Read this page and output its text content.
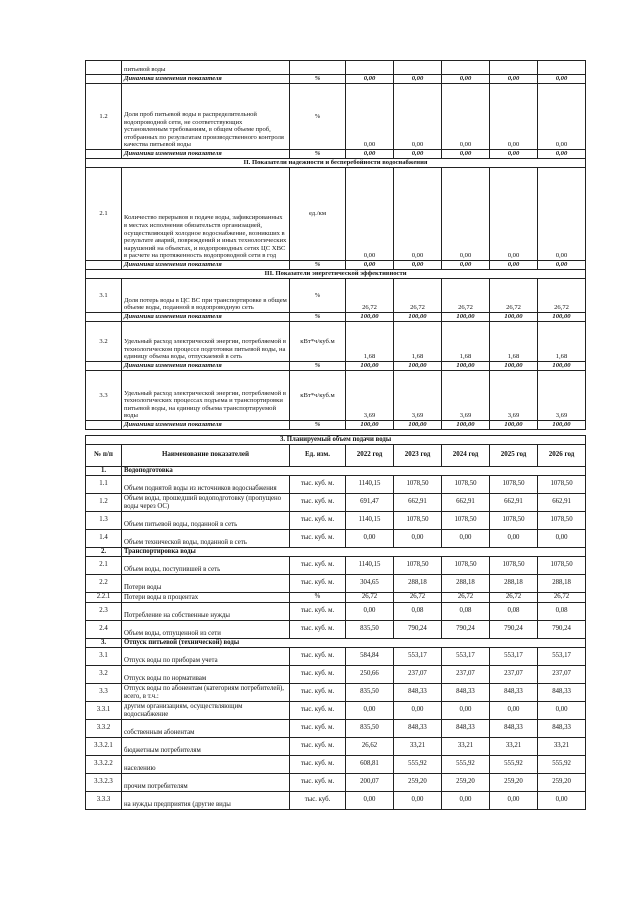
	питьевой воды						
	Динамика изменения показателя	%	0,00	0,00	0,00	0,00	0,00
1.2	Доля проб питьевой воды в распределительной водопроводной сети, не соответствующих установленным требованиям, в общем объеме проб, отобранных по результатам производственного контроля качества питьевой воды	%	0,00	0,00	0,00	0,00	0,00
	Динамика изменения показателя	%	0,00	0,00	0,00	0,00	0,00
II. Показатели надежности и бесперебойности водоснабжения							
2.1	Количество перерывов в подаче воды, зафиксированных в местах исполнения обязательств организацией, осуществляющей холодное водоснабжение, возникших в результате аварий, повреждений и иных технологических нарушений на объектах, и водопроводных сетях ЦС ХВС в расчете на протяженность водопроводной сети в год	ед./км	0,00	0,00	0,00	0,00	0,00
	Динамика изменения показателя	%	0,00	0,00	0,00	0,00	0,00
III. Показатели энергетической эффективности							
3.1	Доля потерь воды в ЦС ВС при транспортировке в общем объеме воды, поданной в водопроводную сеть	%	26,72	26,72	26,72	26,72	26,72
	Динамика изменения показателя	%	100,00	100,00	100,00	100,00	100,00
3.2	Удельный расход электрической энергии, потребляемой в технологическом процессе подготовки питьевой воды, на единицу объема воды, отпускаемой в сеть	кВт*ч/куб.м	1,68	1,68	1,68	1,68	1,68
	Динамика изменения показателя	%	100,00	100,00	100,00	100,00	100,00
3.3	Удельный расход электрической энергии, потребляемой в технологических процессах подъема и транспортировки питьевой воды, на единицу объема транспортируемой воды	кВт*ч/куб.м	3,69	3,69	3,69	3,69	3,69
	Динамика изменения показателя	%	100,00	100,00	100,00	100,00	100,00
3. Планируемый объем подачи воды							
№ п/п	Наименование показателей	Ед. изм.	2022 год	2023 год	2024 год	2025 год	2026 год
1.	Водоподготовка						
1.1	Объем поднятой воды из источников водоснабжения	тыс. куб. м.	1140,15	1078,50	1078,50	1078,50	1078,50
1.2	Объем воды, прошедший водоподготовку (пропущено воды через ОС)	тыс. куб. м.	691,47	662,91	662,91	662,91	662,91
1.3	Объем питьевой воды, поданной в сеть	тыс. куб. м.	1140,15	1078,50	1078,50	1078,50	1078,50
1.4	Объем технической воды, поданной в сеть	тыс. куб. м.	0,00	0,00	0,00	0,00	0,00
2.	Транспортировка воды						
2.1	Объем воды, поступившей в сеть	тыс. куб. м.	1140,15	1078,50	1078,50	1078,50	1078,50
2.2	Потери воды	тыс. куб. м.	304,65	288,18	288,18	288,18	288,18
2.2.1	Потери воды в процентах	%	26,72	26,72	26,72	26,72	26,72
2.3	Потребление на собственные нужды	тыс. куб. м.	0,00	0,08	0,08	0,08	0,08
2.4	Объем воды, отпущенной из сети	тыс. куб. м.	835,50	790,24	790,24	790,24	790,24
3.	Отпуск питьевой (технической) воды						
3.1	Отпуск воды по приборам учета	тыс. куб. м.	584,84	553,17	553,17	553,17	553,17
3.2	Отпуск воды по нормативам	тыс. куб. м.	250,66	237,07	237,07	237,07	237,07
3.3	Отпуск воды по абонентам (категориям потребителей), всего, в т.ч.:	тыс. куб. м.	835,50	848,33	848,33	848,33	848,33
3.3.1	другим организациям, осуществляющим водоснабжение	тыс. куб. м.	0,00	0,00	0,00	0,00	0,00
3.3.2	собственным абонентам	тыс. куб. м.	835,50	848,33	848,33	848,33	848,33
3.3.2.1	бюджетным потребителям	тыс. куб. м.	26,62	33,21	33,21	33,21	33,21
3.3.2.2	населению	тыс. куб. м.	608,81	555,92	555,92	555,92	555,92
3.3.2.3	прочим потребителям	тыс. куб. м.	200,07	259,20	259,20	259,20	259,20
3.3.3	на нужды предприятия (другие виды	тыс. куб.	0,00	0,00	0,00	0,00	0,00
